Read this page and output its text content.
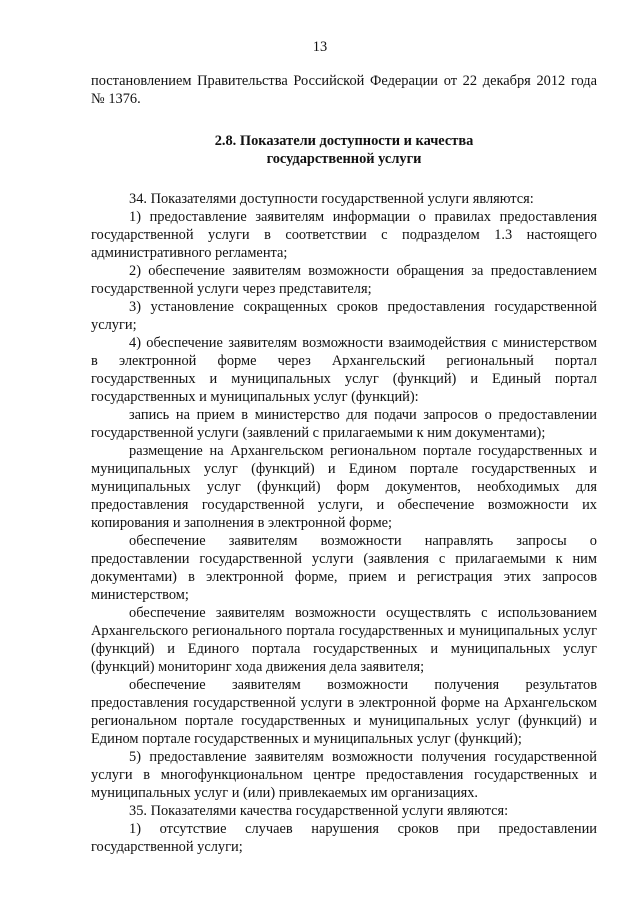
13

постановлением Правительства Российской Федерации от 22 декабря 2012 года № 1376.

2.8. Показатели доступности и качества
государственной услуги

34. Показателями доступности государственной услуги являются:

1) предоставление заявителям информации о правилах предоставления государственной услуги в соответствии с подразделом 1.3 настоящего административного регламента;

2) обеспечение заявителям возможности обращения за предоставлением государственной услуги через представителя;

3) установление сокращенных сроков предоставления государственной услуги;

4) обеспечение заявителям возможности взаимодействия с министерством в электронной форме через Архангельский региональный портал государственных и муниципальных услуг (функций) и Единый портал государственных и муниципальных услуг (функций):

запись на прием в министерство для подачи запросов о предоставлении государственной услуги (заявлений с прилагаемыми к ним документами);

размещение на Архангельском региональном портале государственных и муниципальных услуг (функций) и Едином портале государственных и муниципальных услуг (функций) форм документов, необходимых для предоставления государственной услуги, и обеспечение возможности их копирования и заполнения в электронной форме;

обеспечение заявителям возможности направлять запросы о предоставлении государственной услуги (заявления с прилагаемыми к ним документами) в электронной форме, прием и регистрация этих запросов министерством;

обеспечение заявителям возможности осуществлять с использованием Архангельского регионального портала государственных и муниципальных услуг (функций) и Единого портала государственных и муниципальных услуг (функций) мониторинг хода движения дела заявителя;

обеспечение заявителям возможности получения результатов предоставления государственной услуги в электронной форме на Архангельском региональном портале государственных и муниципальных услуг (функций) и Едином портале государственных и муниципальных услуг (функций);

5) предоставление заявителям возможности получения государственной услуги в многофункциональном центре предоставления государственных и муниципальных услуг и (или) привлекаемых им организациях.

35. Показателями качества государственной услуги являются:

1) отсутствие случаев нарушения сроков при предоставлении государственной услуги;
